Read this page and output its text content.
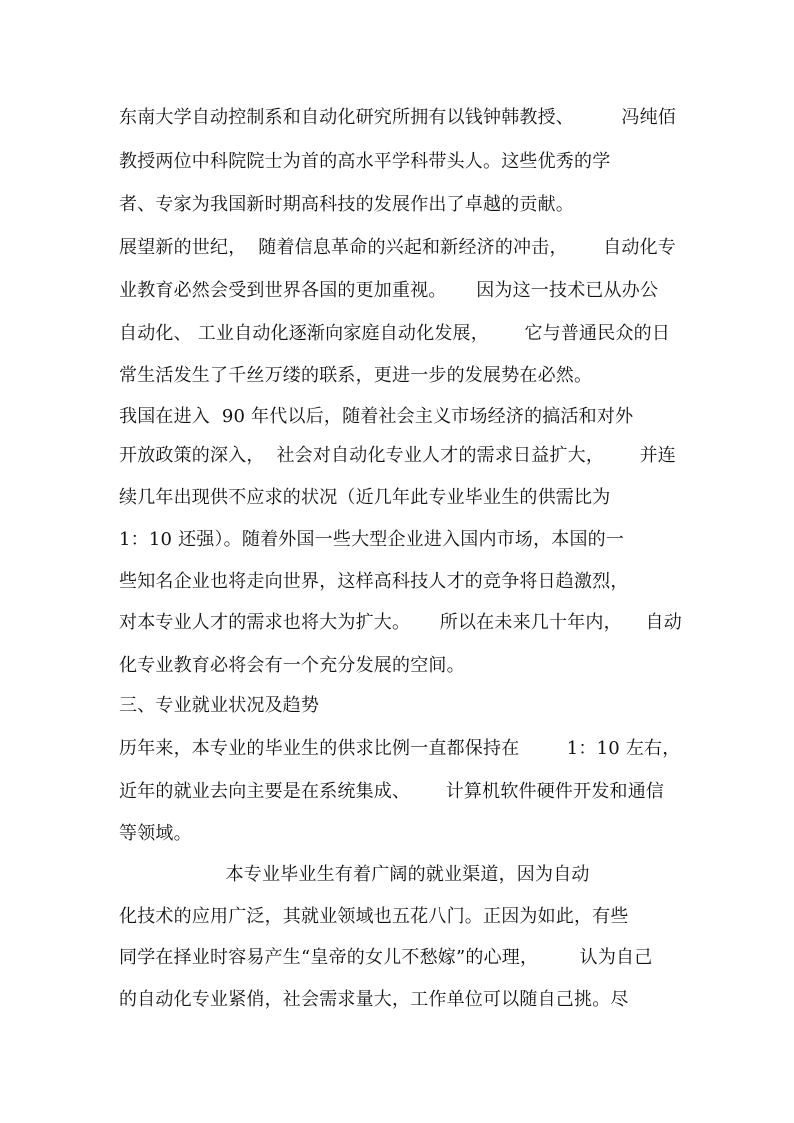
东南大学自动控制系和自动化研究所拥有以钱钟韩教授、        冯纯佰
教授两位中科院院士为首的高水平学科带头人。这些优秀的学
者、专家为我国新时期高科技的发展作出了卓越的贡献。
展望新的世纪，  随着信息革命的兴起和新经济的冲击，      自动化专
业教育必然会受到世界各国的更加重视。     因为这一技术已从办公
自动化、 工业自动化逐渐向家庭自动化发展，      它与普通民众的日
常生活发生了千丝万缕的联系，更进一步的发展势在必然。
我国在进入  90 年代以后，随着社会主义市场经济的搞活和对外
开放政策的深入，  社会对自动化专业人才的需求日益扩大，      并连
续几年出现供不应求的状况（近几年此专业毕业生的供需比为
1：10 还强）。随着外国一些大型企业进入国内市场，本国的一
些知名企业也将走向世界，这样高科技人才的竞争将日趋激烈，
对本专业人才的需求也将大为扩大。     所以在未来几十年内，    自动
化专业教育必将会有一个充分发展的空间。
三、专业就业状况及趋势
历年来，本专业的毕业生的供求比例一直都保持在        1：10 左右，
近年的就业去向主要是在系统集成、      计算机软件硬件开发和通信
等领域。
本专业毕业生有着广阔的就业渠道，因为自动
化技术的应用广泛，其就业领域也五花八门。正因为如此，有些
同学在择业时容易产生“皇帝的女儿不愁嫁”的心理，       认为自己
的自动化专业紧俏，社会需求量大，工作单位可以随自己挑。尽
